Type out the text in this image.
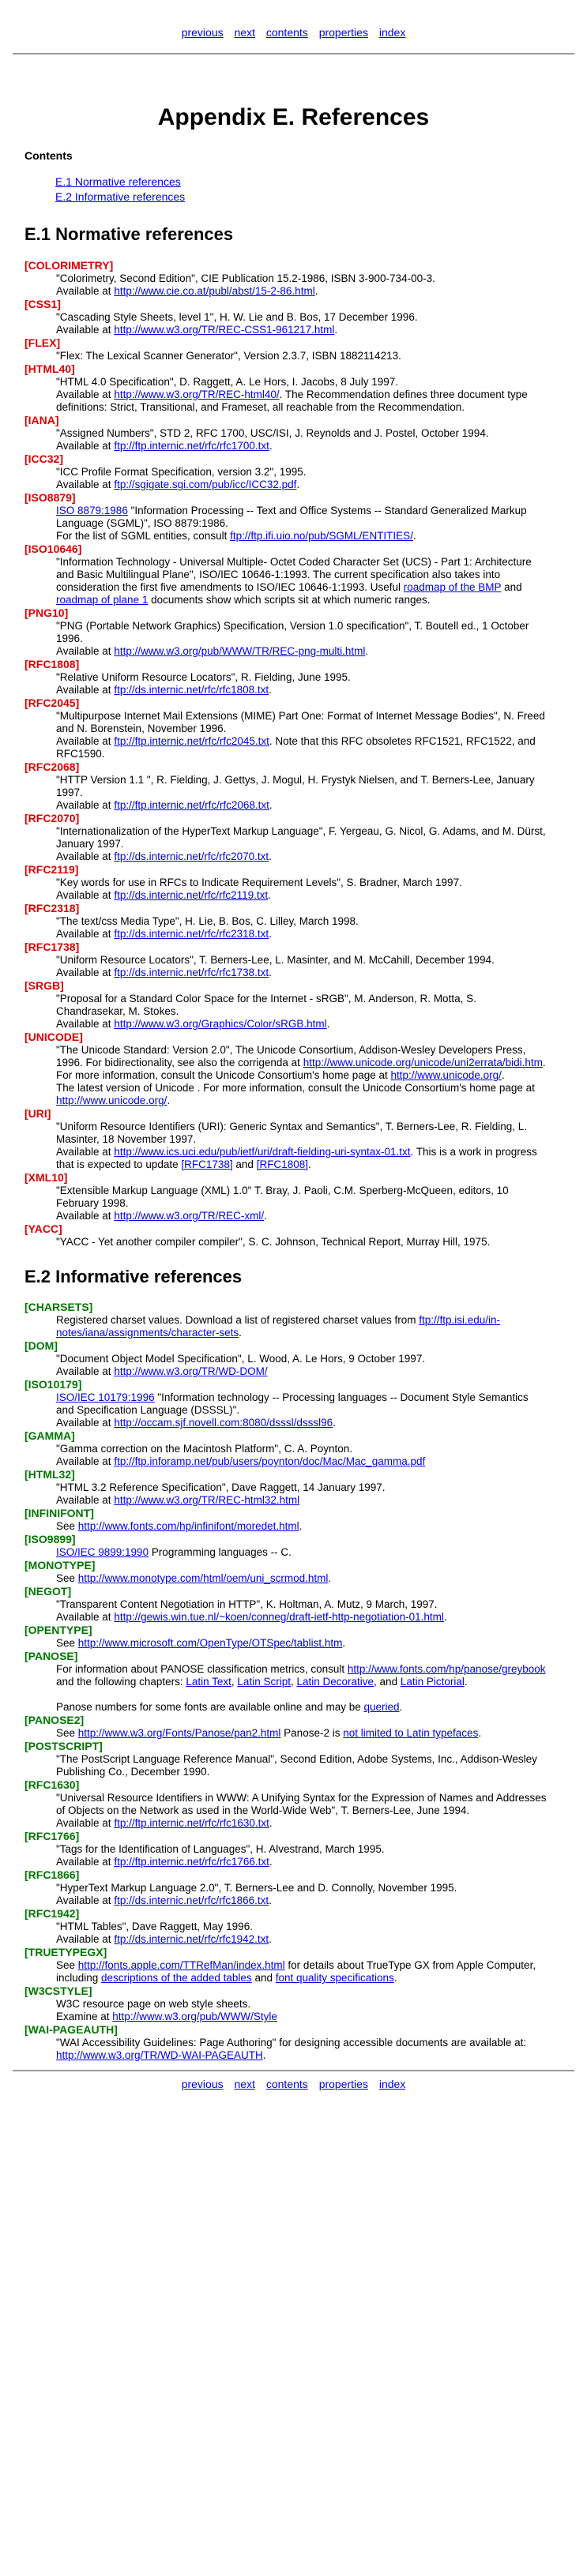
previous next contents properties index
Appendix E. References
Contents
E.1 Normative references
E.2 Informative references
E.1 Normative references
[COLORIMETRY]
"Colorimetry, Second Edition", CIE Publication 15.2-1986, ISBN 3-900-734-00-3.
Available at http://www.cie.co.at/publ/abst/15-2-86.html.
[CSS1]
"Cascading Style Sheets, level 1", H. W. Lie and B. Bos, 17 December 1996.
Available at http://www.w3.org/TR/REC-CSS1-961217.html.
[FLEX]
"Flex: The Lexical Scanner Generator", Version 2.3.7, ISBN 1882114213.
[HTML40]
"HTML 4.0 Specification", D. Raggett, A. Le Hors, I. Jacobs, 8 July 1997.
Available at http://www.w3.org/TR/REC-html40/. The Recommendation defines three document type definitions: Strict, Transitional, and Frameset, all reachable from the Recommendation.
[IANA]
"Assigned Numbers", STD 2, RFC 1700, USC/ISI, J. Reynolds and J. Postel, October 1994.
Available at ftp://ftp.internic.net/rfc/rfc1700.txt.
[ICC32]
"ICC Profile Format Specification, version 3.2", 1995.
Available at ftp://sgigate.sgi.com/pub/icc/ICC32.pdf.
[ISO8879]
ISO 8879:1986 "Information Processing -- Text and Office Systems -- Standard Generalized Markup Language (SGML)", ISO 8879:1986.
For the list of SGML entities, consult ftp://ftp.ifi.uio.no/pub/SGML/ENTITIES/.
[ISO10646]
"Information Technology - Universal Multiple- Octet Coded Character Set (UCS) - Part 1: Architecture and Basic Multilingual Plane", ISO/IEC 10646-1:1993. The current specification also takes into consideration the first five amendments to ISO/IEC 10646-1:1993. Useful roadmap of the BMP and roadmap of plane 1 documents show which scripts sit at which numeric ranges.
[PNG10]
"PNG (Portable Network Graphics) Specification, Version 1.0 specification", T. Boutell ed., 1 October 1996.
Available at http://www.w3.org/pub/WWW/TR/REC-png-multi.html.
[RFC1808]
"Relative Uniform Resource Locators", R. Fielding, June 1995.
Available at ftp://ds.internic.net/rfc/rfc1808.txt.
[RFC2045]
"Multipurpose Internet Mail Extensions (MIME) Part One: Format of Internet Message Bodies", N. Freed and N. Borenstein, November 1996.
Available at ftp://ftp.internic.net/rfc/rfc2045.txt. Note that this RFC obsoletes RFC1521, RFC1522, and RFC1590.
[RFC2068]
"HTTP Version 1.1 ", R. Fielding, J. Gettys, J. Mogul, H. Frystyk Nielsen, and T. Berners-Lee, January 1997.
Available at ftp://ftp.internic.net/rfc/rfc2068.txt.
[RFC2070]
"Internationalization of the HyperText Markup Language", F. Yergeau, G. Nicol, G. Adams, and M. Dürst, January 1997.
Available at ftp://ds.internic.net/rfc/rfc2070.txt.
[RFC2119]
"Key words for use in RFCs to Indicate Requirement Levels", S. Bradner, March 1997.
Available at ftp://ds.internic.net/rfc/rfc2119.txt.
[RFC2318]
"The text/css Media Type", H. Lie, B. Bos, C. Lilley, March 1998.
Available at ftp://ds.internic.net/rfc/rfc2318.txt.
[RFC1738]
"Uniform Resource Locators", T. Berners-Lee, L. Masinter, and M. McCahill, December 1994.
Available at ftp://ds.internic.net/rfc/rfc1738.txt.
[SRGB]
"Proposal for a Standard Color Space for the Internet - sRGB", M. Anderson, R. Motta, S. Chandrasekar, M. Stokes.
Available at http://www.w3.org/Graphics/Color/sRGB.html.
[UNICODE]
"The Unicode Standard: Version 2.0", The Unicode Consortium, Addison-Wesley Developers Press, 1996. For bidirectionality, see also the corrigenda at http://www.unicode.org/unicode/uni2errata/bidi.htm. For more information, consult the Unicode Consortium's home page at http://www.unicode.org/.
The latest version of Unicode . For more information, consult the Unicode Consortium's home page at http://www.unicode.org/.
[URI]
"Uniform Resource Identifiers (URI): Generic Syntax and Semantics", T. Berners-Lee, R. Fielding, L. Masinter, 18 November 1997.
Available at http://www.ics.uci.edu/pub/ietf/uri/draft-fielding-uri-syntax-01.txt. This is a work in progress that is expected to update [RFC1738] and [RFC1808].
[XML10]
"Extensible Markup Language (XML) 1.0" T. Bray, J. Paoli, C.M. Sperberg-McQueen, editors, 10 February 1998.
Available at http://www.w3.org/TR/REC-xml/.
[YACC]
"YACC - Yet another compiler compiler", S. C. Johnson, Technical Report, Murray Hill, 1975.
E.2 Informative references
[CHARSETS]
Registered charset values. Download a list of registered charset values from ftp://ftp.isi.edu/in-notes/iana/assignments/character-sets.
[DOM]
"Document Object Model Specification", L. Wood, A. Le Hors, 9 October 1997.
Available at http://www.w3.org/TR/WD-DOM/
[ISO10179]
ISO/IEC 10179:1996 "Information technology -- Processing languages -- Document Style Semantics and Specification Language (DSSSL)".
Available at http://occam.sjf.novell.com:8080/dsssl/dsssl96.
[GAMMA]
"Gamma correction on the Macintosh Platform", C. A. Poynton.
Available at ftp://ftp.inforamp.net/pub/users/poynton/doc/Mac/Mac_gamma.pdf
[HTML32]
"HTML 3.2 Reference Specification", Dave Raggett, 14 January 1997.
Available at http://www.w3.org/TR/REC-html32.html
[INFINIFONT]
See http://www.fonts.com/hp/infinifont/moredet.html.
[ISO9899]
ISO/IEC 9899:1990 Programming languages -- C.
[MONOTYPE]
See http://www.monotype.com/html/oem/uni_scrmod.html.
[NEGOT]
"Transparent Content Negotiation in HTTP", K. Holtman, A. Mutz, 9 March, 1997.
Available at http://gewis.win.tue.nl/~koen/conneg/draft-ietf-http-negotiation-01.html.
[OPENTYPE]
See http://www.microsoft.com/OpenType/OTSpec/tablist.htm.
[PANOSE]
For information about PANOSE classification metrics, consult http://www.fonts.com/hp/panose/greybook and the following chapters: Latin Text, Latin Script, Latin Decorative, and Latin Pictorial.
Panose numbers for some fonts are available online and may be queried.
[PANOSE2]
See http://www.w3.org/Fonts/Panose/pan2.html Panose-2 is not limited to Latin typefaces.
[POSTSCRIPT]
"The PostScript Language Reference Manual", Second Edition, Adobe Systems, Inc., Addison-Wesley Publishing Co., December 1990.
[RFC1630]
"Universal Resource Identifiers in WWW: A Unifying Syntax for the Expression of Names and Addresses of Objects on the Network as used in the World-Wide Web", T. Berners-Lee, June 1994.
Available at ftp://ftp.internic.net/rfc/rfc1630.txt.
[RFC1766]
"Tags for the Identification of Languages", H. Alvestrand, March 1995.
Available at ftp://ftp.internic.net/rfc/rfc1766.txt.
[RFC1866]
"HyperText Markup Language 2.0", T. Berners-Lee and D. Connolly, November 1995.
Available at ftp://ds.internic.net/rfc/rfc1866.txt.
[RFC1942]
"HTML Tables", Dave Raggett, May 1996.
Available at ftp://ds.internic.net/rfc/rfc1942.txt.
[TRUETYPEGX]
See http://fonts.apple.com/TTRefMan/index.html for details about TrueType GX from Apple Computer, including descriptions of the added tables and font quality specifications.
[W3CSTYLE]
W3C resource page on web style sheets.
Examine at http://www.w3.org/pub/WWW/Style
[WAI-PAGEAUTH]
"WAI Accessibility Guidelines: Page Authoring" for designing accessible documents are available at:
http://www.w3.org/TR/WD-WAI-PAGEAUTH.
previous next contents properties index
